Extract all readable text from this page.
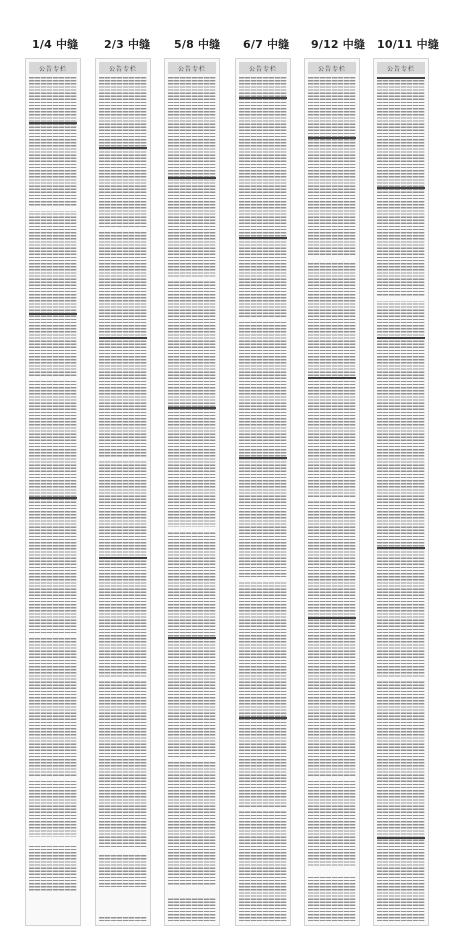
1/4 中缝 2/3 中缝 5/8 中缝 6/7 中缝 9/12 中缝 10/11 中缝
公告专栏	公告专栏	公告专栏	公告专栏	公告专栏	公告专栏
